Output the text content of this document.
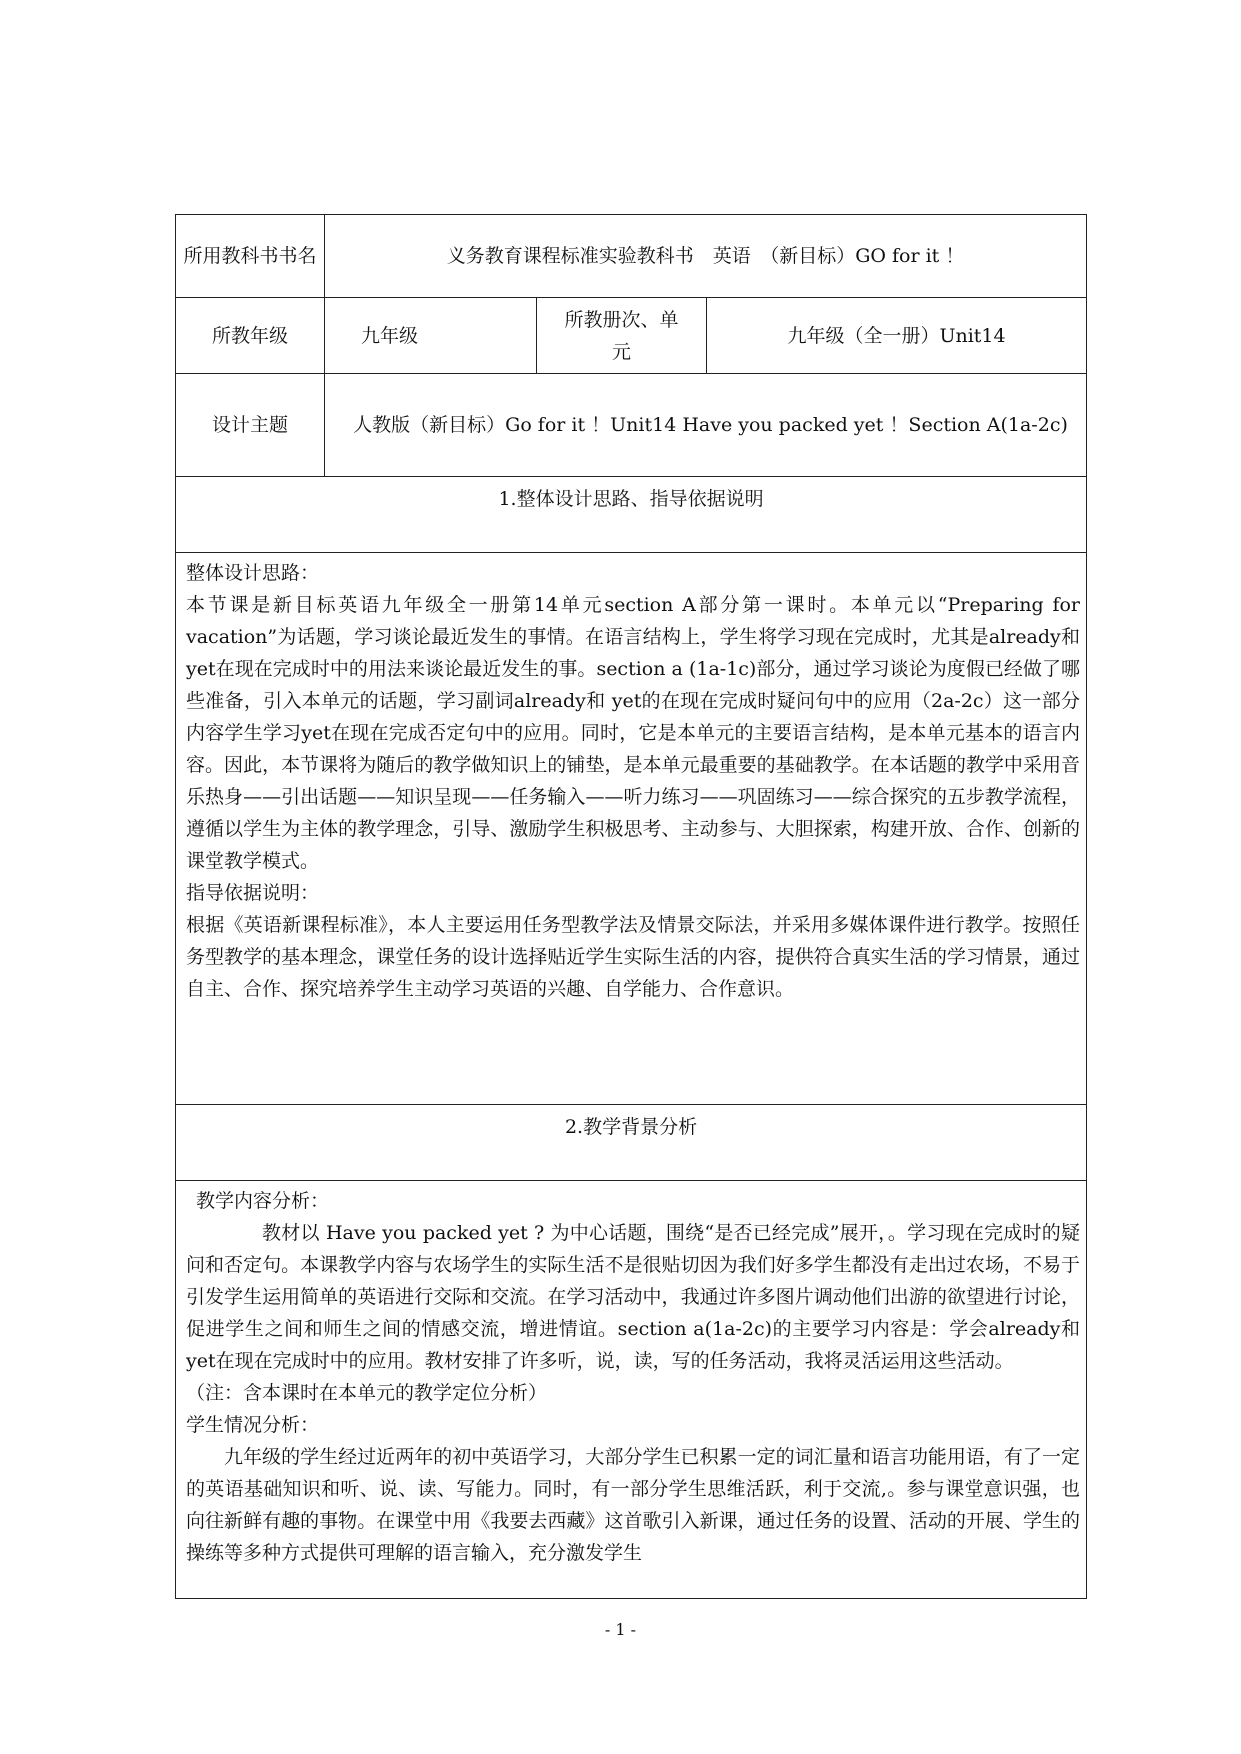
所用教科书书名	义务教育课程标准实验教科书　英语　（新目标）GO for it ！		
所教年级	九年级	所教册次、单元	九年级（全一册）Unit14
设计主题	人教版（新目标）Go for it ！Unit14 Have you packed yet ！Section A(1a-2c)		
1.整体设计思路、指导依据说明			

整体设计思路：

本节课是新目标英语九年级全一册第14单元section A部分第一课时。本单元以“Preparing for vacation”为话题，学习谈论最近发生的事情。在语言结构上，学生将学习现在完成时，尤其是already和yet在现在完成时中的用法来谈论最近发生的事。section a (1a-1c)部分，通过学习谈论为度假已经做了哪些准备，引入本单元的话题，学习副词already和 yet的在现在完成时疑问句中的应用（2a-2c）这一部分内容学生学习yet在现在完成否定句中的应用。同时，它是本单元的主要语言结构，是本单元基本的语言内容。因此，本节课将为随后的教学做知识上的铺垫，是本单元最重要的基础教学。在本话题的教学中采用音乐热身——引出话题——知识呈现——任务输入——听力练习——巩固练习——综合探究的五步教学流程，遵循以学生为主体的教学理念，引导、激励学生积极思考、主动参与、大胆探索，构建开放、合作、创新的课堂教学模式。

指导依据说明：

根据《英语新课程标准》，本人主要运用任务型教学法及情景交际法，并采用多媒体课件进行教学。按照任务型教学的基本理念，课堂任务的设计选择贴近学生实际生活的内容，提供符合真实生活的学习情景，通过自主、合作、探究培养学生主动学习英语的兴趣、自学能力、合作意识。			

2.教学背景分析			

教学内容分析：

教材以 Have you packed yet ? 为中心话题，围绕“是否已经完成”展开，。学习现在完成时的疑问和否定句。本课教学内容与农场学生的实际生活不是很贴切因为我们好多学生都没有走出过农场，不易于引发学生运用简单的英语进行交际和交流。在学习活动中，我通过许多图片调动他们出游的欲望进行讨论，促进学生之间和师生之间的情感交流，增进情谊。section a(1a-2c)的主要学习内容是：学会already和 yet在现在完成时中的应用。教材安排了许多听，说，读，写的任务活动，我将灵活运用这些活动。

（注：含本课时在本单元的教学定位分析）

学生情况分析：

九年级的学生经过近两年的初中英语学习，大部分学生已积累一定的词汇量和语言功能用语，有了一定的英语基础知识和听、说、读、写能力。同时，有一部分学生思维活跃，利于交流,。参与课堂意识强，也向往新鲜有趣的事物。在课堂中用《我要去西藏》这首歌引入新课，通过任务的设置、活动的开展、学生的操练等多种方式提供可理解的语言输入，充分激发学生			

- 1 -
